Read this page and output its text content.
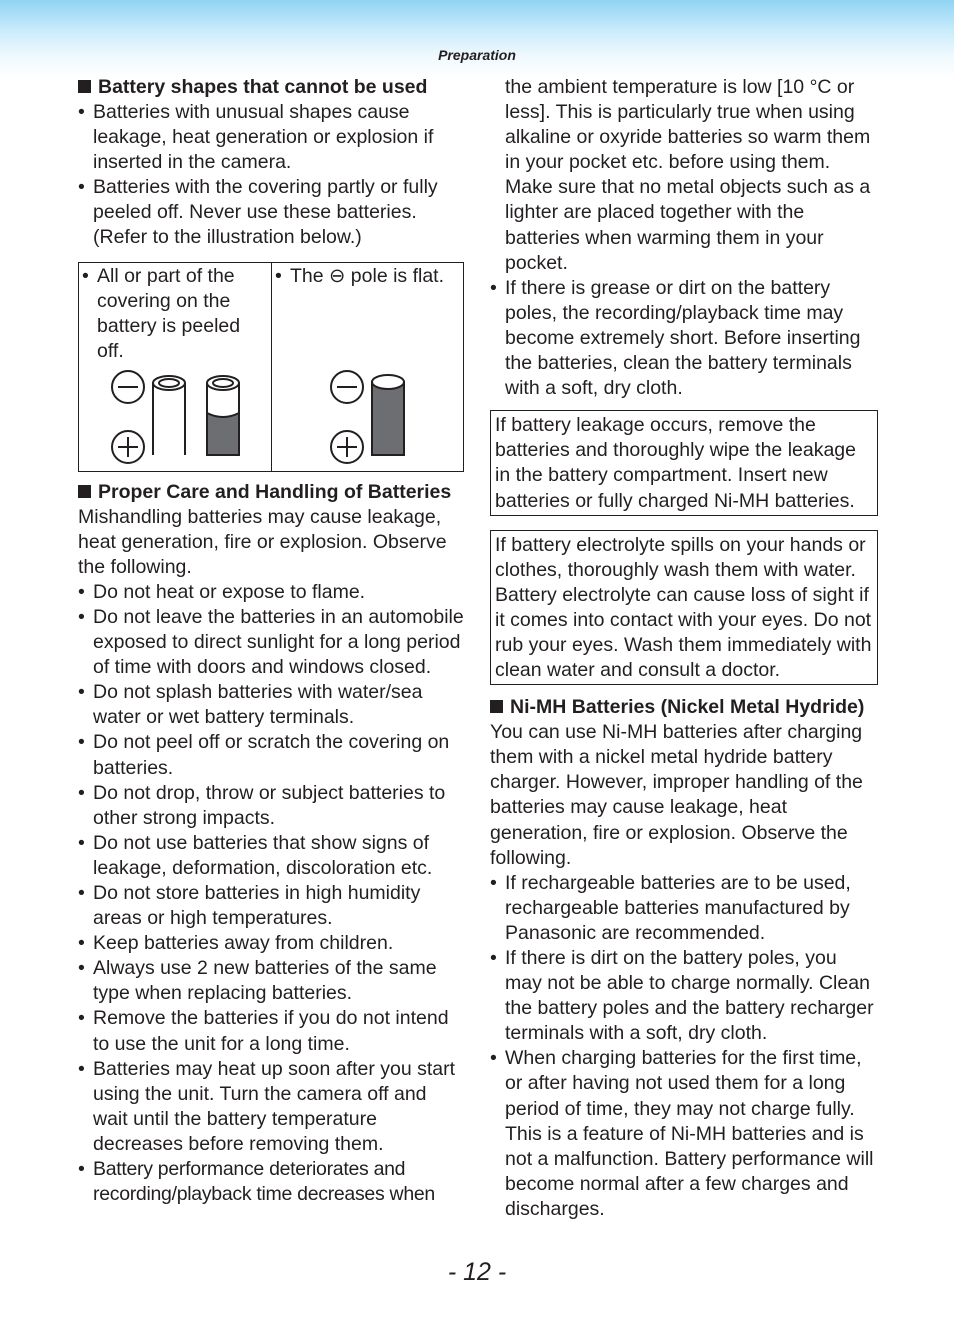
Preparation

Battery shapes that cannot be used

• Batteries with unusual shapes cause leakage, heat generation or explosion if inserted in the camera.

• Batteries with the covering partly or fully peeled off. Never use these batteries. (Refer to the illustration below.)

• All or part of the covering on the battery is peeled off.

• The ⊖ pole is flat.

Proper Care and Handling of Batteries

Mishandling batteries may cause leakage, heat generation, fire or explosion. Observe the following.

• Do not heat or expose to flame.

• Do not leave the batteries in an automobile exposed to direct sunlight for a long period of time with doors and windows closed.

• Do not splash batteries with water/sea water or wet battery terminals.

• Do not peel off or scratch the covering on batteries.

• Do not drop, throw or subject batteries to other strong impacts.

• Do not use batteries that show signs of leakage, deformation, discoloration etc.

• Do not store batteries in high humidity areas or high temperatures.

• Keep batteries away from children.

• Always use 2 new batteries of the same type when replacing batteries.

• Remove the batteries if you do not intend to use the unit for a long time.

• Batteries may heat up soon after you start using the unit. Turn the camera off and wait until the battery temperature decreases before removing them.

• Battery performance deteriorates and recording/playback time decreases when

the ambient temperature is low [10 °C or less]. This is particularly true when using alkaline or oxyride batteries so warm them in your pocket etc. before using them. Make sure that no metal objects such as a lighter are placed together with the batteries when warming them in your pocket.

• If there is grease or dirt on the battery poles, the recording/playback time may become extremely short. Before inserting the batteries, clean the battery terminals with a soft, dry cloth.

If battery leakage occurs, remove the batteries and thoroughly wipe the leakage in the battery compartment. Insert new batteries or fully charged Ni-MH batteries.
If battery electrolyte spills on your hands or clothes, thoroughly wash them with water. Battery electrolyte can cause loss of sight if it comes into contact with your eyes. Do not rub your eyes. Wash them immediately with clean water and consult a doctor.

Ni-MH Batteries (Nickel Metal Hydride)

You can use Ni-MH batteries after charging them with a nickel metal hydride battery charger. However, improper handling of the batteries may cause leakage, heat generation, fire or explosion. Observe the following.

• If rechargeable batteries are to be used, rechargeable batteries manufactured by Panasonic are recommended.

• If there is dirt on the battery poles, you may not be able to charge normally. Clean the battery poles and the battery recharger terminals with a soft, dry cloth.

• When charging batteries for the first time, or after having not used them for a long period of time, they may not charge fully. This is a feature of Ni-MH batteries and is not a malfunction. Battery performance will become normal after a few charges and discharges.

- 12 -
